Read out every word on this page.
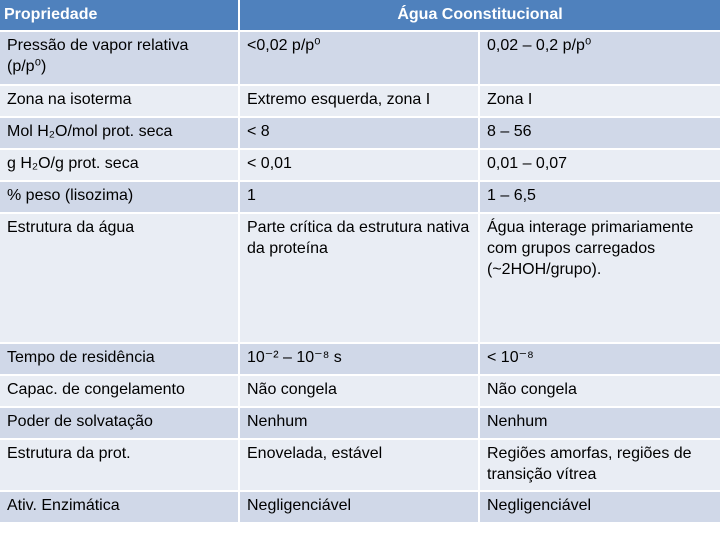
Propriedade	Água Coonstitucional	
Pressão de vapor relativa (p/p⁰)	<0,02 p/p⁰	0,02 – 0,2 p/p⁰
Zona na isoterma	Extremo esquerda, zona I	Zona I
Mol H₂O/mol prot. seca	< 8	8 – 56
g H₂O/g prot. seca	< 0,01	0,01 – 0,07
% peso (lisozima)	1	1 – 6,5
Estrutura da água	Parte crítica da estrutura nativa da proteína	Água interage primariamente com grupos carregados (~2HOH/grupo).
Tempo de residência	10⁻² – 10⁻⁸ s	< 10⁻⁸
Capac. de congelamento	Não congela	Não congela
Poder de solvatação	Nenhum	Nenhum
Estrutura da prot.	Enovelada, estável	Regiões amorfas, regiões de transição vítrea
Ativ. Enzimática	Negligenciável	Negligenciável
